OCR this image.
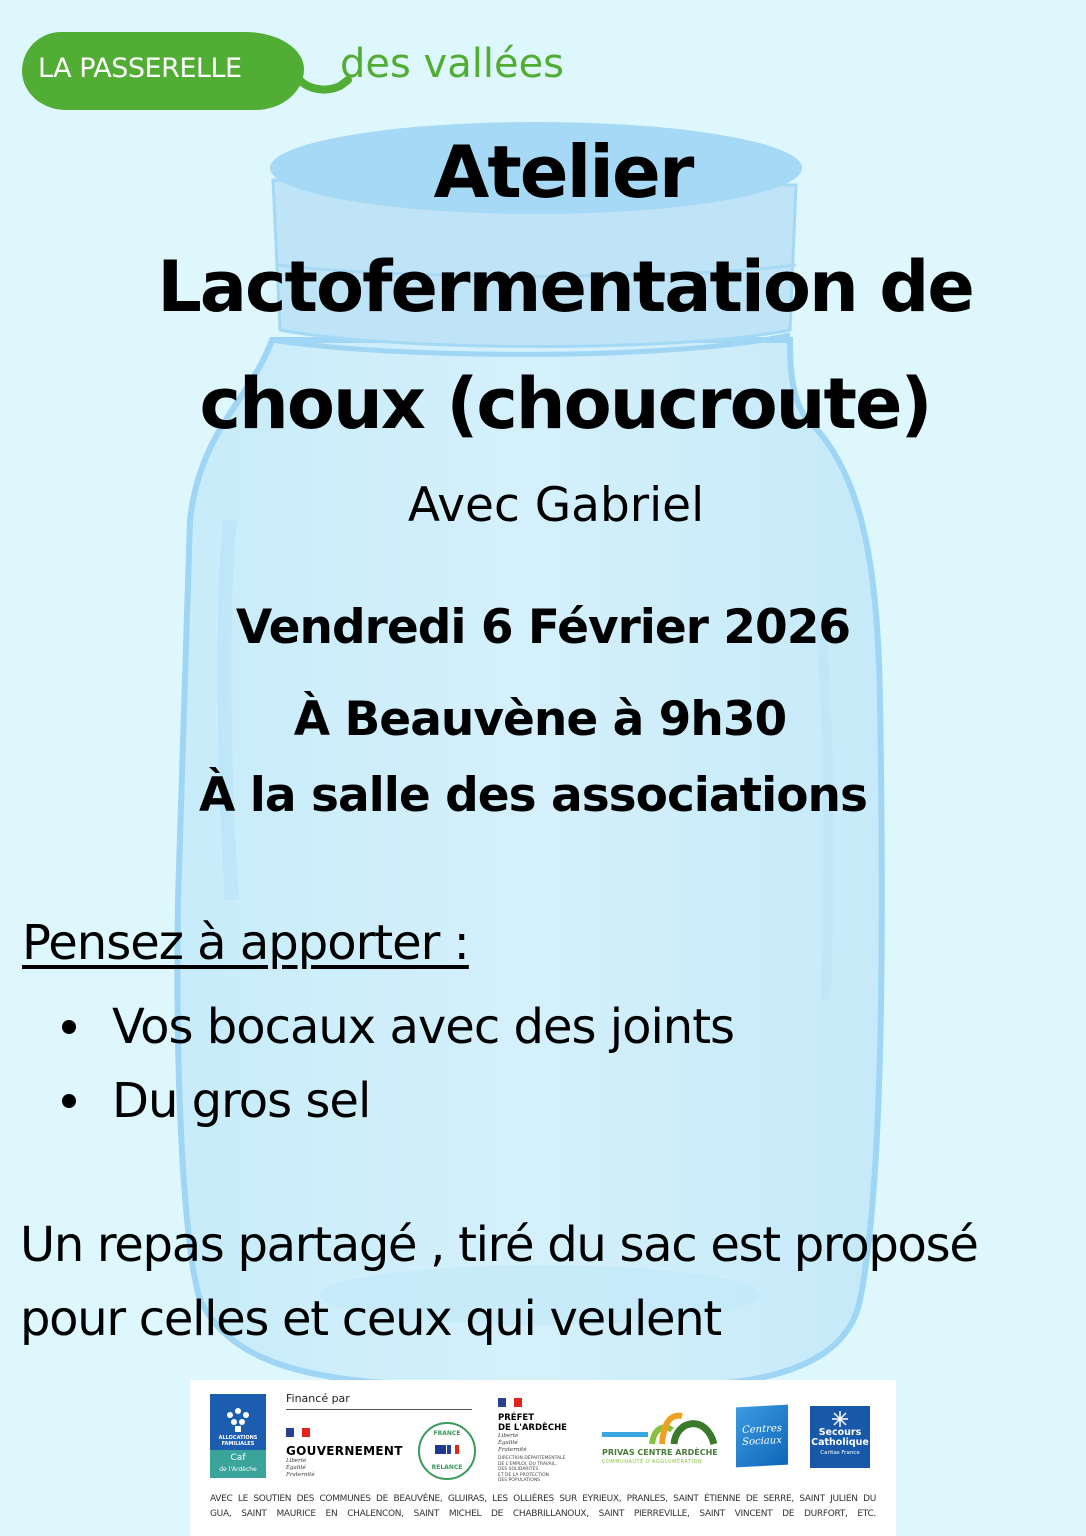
LA PASSERELLE des vallées
Atelier
Lactofermentation de
choux (choucroute)
Avec Gabriel
Vendredi 6 Février 2026
À Beauvène à 9h30
À la salle des associations
Pensez à apporter :
Vos bocaux avec des joints
Du gros sel
Un repas partagé , tiré du sac est proposé
pour celles et ceux qui veulent
ALLOCATIONS FAMILIALES
Caf
de l'Ardèche
Financé par
GOUVERNEMENT
Liberté
Égalité
Fraternité
FRANCE
RELANCE
PRÉFET
DE L'ARDÈCHE
Liberté
Égalité
Fraternité
DIRECTION DÉPARTEMENTALE
DE L'EMPLOI, DU TRAVAIL,
DES SOLIDARITÉS
ET DE LA PROTECTION
DES POPULATIONS
PRIVAS CENTRE ARDÈCHE
COMMUNAUTÉ D'AGGLOMÉRATION
Centres Sociaux
Secours
Catholique
Caritas France
AVEC LE SOUTIEN DES COMMUNES DE BEAUVÈNE, GLUIRAS, LES OLLIÈRES SUR EYRIEUX, PRANLES, SAINT ÉTIENNE DE SERRE, SAINT JULIEN DU
GUA, SAINT MAURICE EN CHALENCON, SAINT MICHEL DE CHABRILLANOUX, SAINT PIERREVILLE, SAINT VINCENT DE DURFORT, ETC.
